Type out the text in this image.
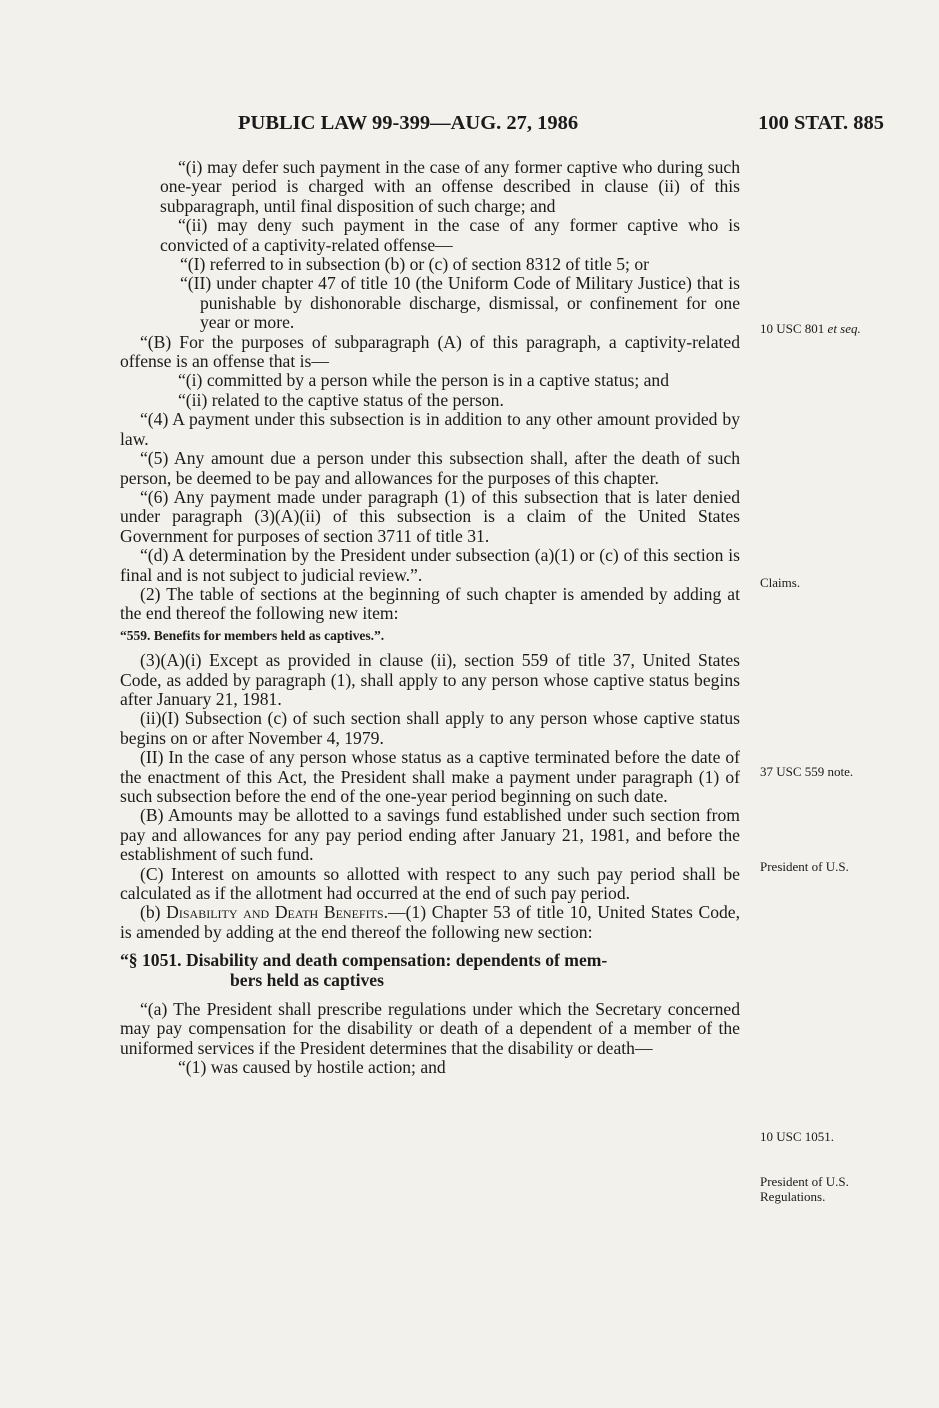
PUBLIC LAW 99-399—AUG. 27, 1986	100 STAT. 885

“(i) may defer such payment in the case of any former captive who during such one-year period is charged with an offense described in clause (ii) of this subparagraph, until final disposition of such charge; and

“(ii) may deny such payment in the case of any former captive who is convicted of a captivity-related offense—

“(I) referred to in subsection (b) or (c) of section 8312 of title 5; or

“(II) under chapter 47 of title 10 (the Uniform Code of Military Justice) that is punishable by dishonorable discharge, dismissal, or confinement for one year or more.

“(B) For the purposes of subparagraph (A) of this paragraph, a captivity-related offense is an offense that is—

“(i) committed by a person while the person is in a captive status; and

“(ii) related to the captive status of the person.

“(4) A payment under this subsection is in addition to any other amount provided by law.

“(5) Any amount due a person under this subsection shall, after the death of such person, be deemed to be pay and allowances for the purposes of this chapter.

“(6) Any payment made under paragraph (1) of this subsection that is later denied under paragraph (3)(A)(ii) of this subsection is a claim of the United States Government for purposes of section 3711 of title 31.

“(d) A determination by the President under subsection (a)(1) or (c) of this section is final and is not subject to judicial review.”.

(2) The table of sections at the beginning of such chapter is amended by adding at the end thereof the following new item:

“559. Benefits for members held as captives.”.

(3)(A)(i) Except as provided in clause (ii), section 559 of title 37, United States Code, as added by paragraph (1), shall apply to any person whose captive status begins after January 21, 1981.

(ii)(I) Subsection (c) of such section shall apply to any person whose captive status begins on or after November 4, 1979.

(II) In the case of any person whose status as a captive terminated before the date of the enactment of this Act, the President shall make a payment under paragraph (1) of such subsection before the end of the one-year period beginning on such date.

(B) Amounts may be allotted to a savings fund established under such section from pay and allowances for any pay period ending after January 21, 1981, and before the establishment of such fund.

(C) Interest on amounts so allotted with respect to any such pay period shall be calculated as if the allotment had occurred at the end of such pay period.

(b) Disability and Death Benefits.—(1) Chapter 53 of title 10, United States Code, is amended by adding at the end thereof the following new section:

“§ 1051. Disability and death compensation: dependents of mem-
bers held as captives

“(a) The President shall prescribe regulations under which the Secretary concerned may pay compensation for the disability or death of a dependent of a member of the uniformed services if the President determines that the disability or death—

“(1) was caused by hostile action; and

10 USC 801 et seq.
Claims.
37 USC 559 note.
President of U.S.
10 USC 1051.
President of U.S.
Regulations.
